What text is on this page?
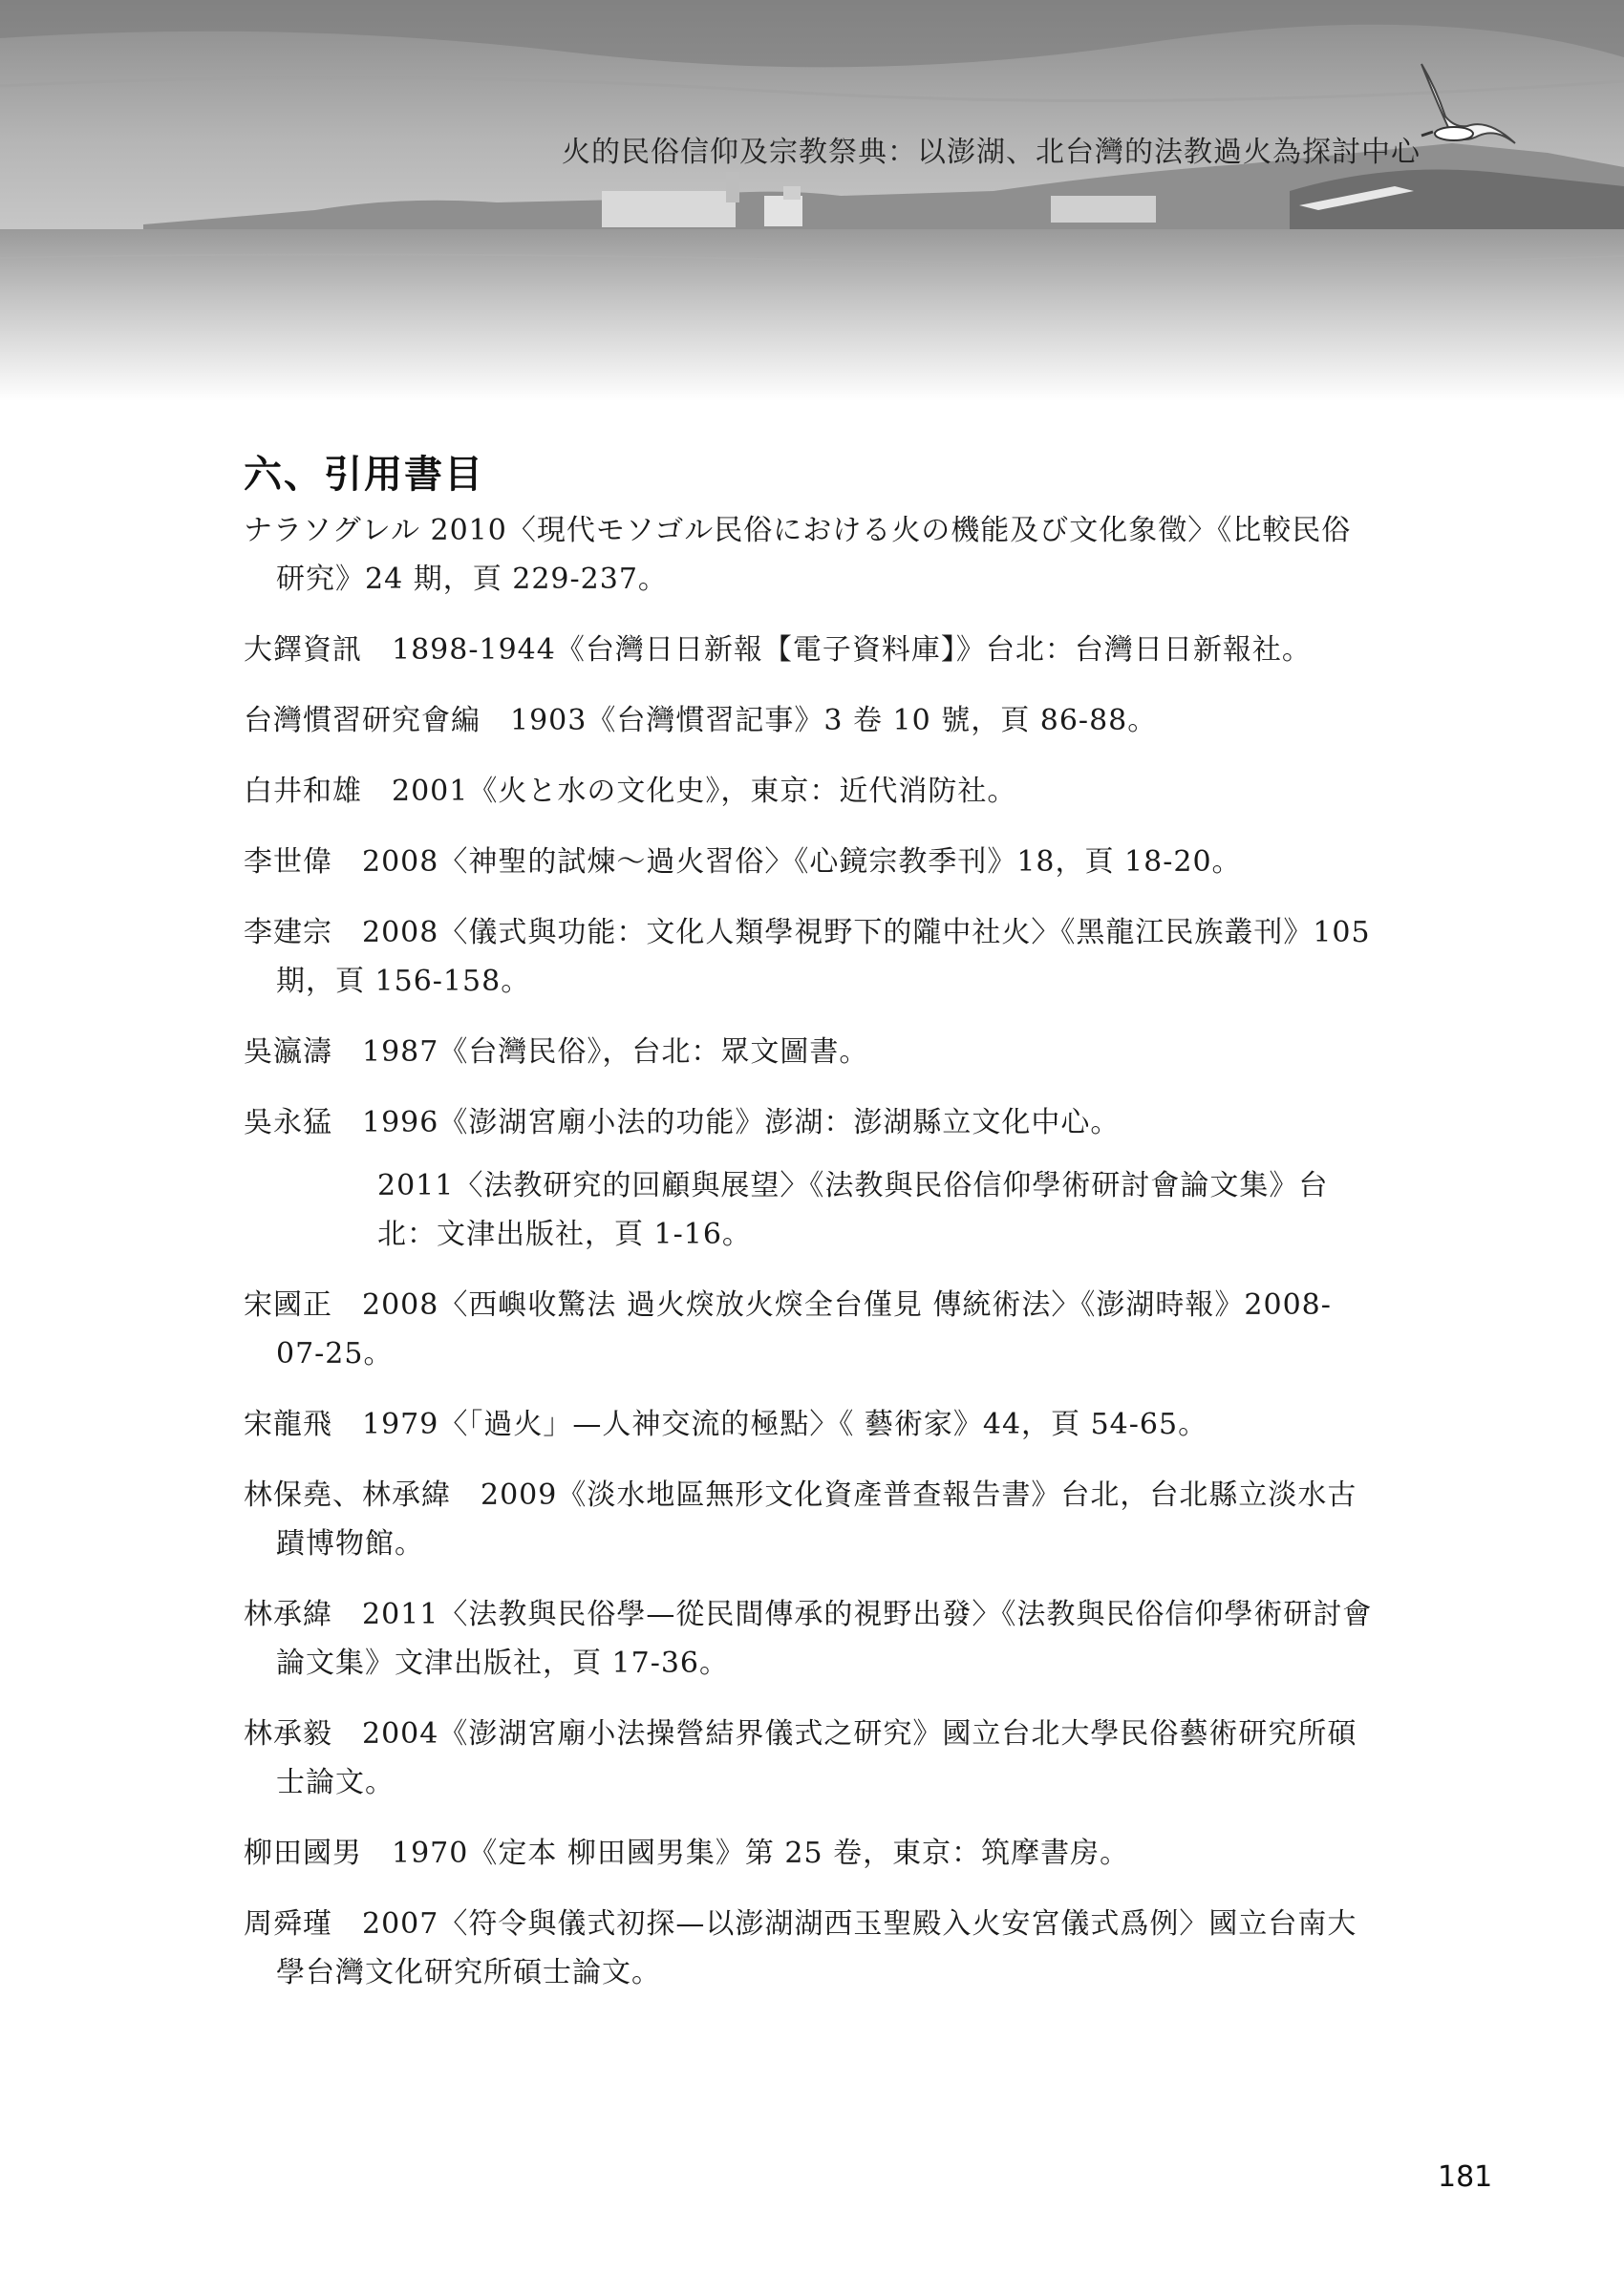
火的民俗信仰及宗教祭典：以澎湖、北台灣的法教過火為探討中心
六、引用書目
ナラソグレル 2010〈現代モソゴル民俗における火の機能及び文化象徵〉《比較民俗研究》24 期，頁 229-237。
大鐸資訊　1898-1944《台灣日日新報【電子資料庫】》台北：台灣日日新報社。
台灣慣習研究會編　1903《台灣慣習記事》3 卷 10 號，頁 86-88。
白井和雄　2001《火と水の文化史》，東京：近代消防社。
李世偉　2008〈神聖的試煉～過火習俗〉《心鏡宗教季刊》18，頁 18-20。
李建宗　2008〈儀式與功能：文化人類學視野下的隴中社火〉《黑龍江民族叢刊》105 期，頁 156-158。
吳瀛濤　1987《台灣民俗》，台北：眾文圖書。
吳永猛　1996《澎湖宮廟小法的功能》澎湖：澎湖縣立文化中心。
2011〈法教研究的回顧與展望〉《法教與民俗信仰學術研討會論文集》台北：文津出版社，頁 1-16。
宋國正　2008〈西嶼收驚法 過火㷝放火㷝全台僅見 傳統術法〉《澎湖時報》2008-07-25。
宋龍飛　1979〈「過火」—人神交流的極點〉《 藝術家》44，頁 54-65。
林保堯、林承緯　2009《淡水地區無形文化資產普查報告書》台北，台北縣立淡水古蹟博物館。
林承緯　2011〈法教與民俗學—從民間傳承的視野出發〉《法教與民俗信仰學術研討會論文集》文津出版社，頁 17-36。
林承毅　2004《澎湖宮廟小法操營結界儀式之研究》國立台北大學民俗藝術研究所碩士論文。
柳田國男　1970《定本 柳田國男集》第 25 卷，東京：筑摩書房。
周舜瑾　2007〈符令與儀式初探—以澎湖湖西玉聖殿入火安宮儀式爲例〉國立台南大學台灣文化研究所碩士論文。
181
